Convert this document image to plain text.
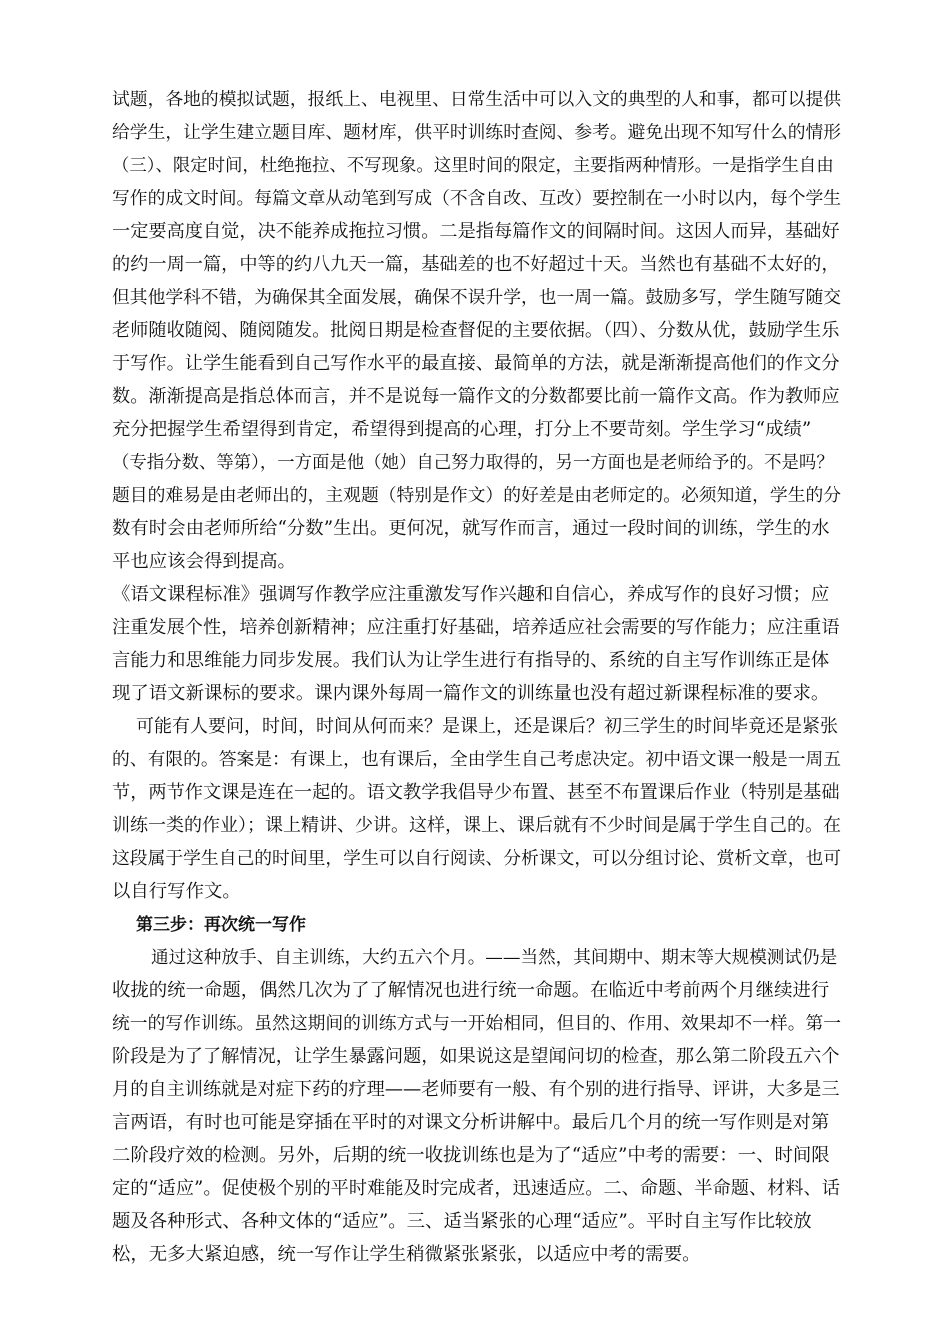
试题，各地的模拟试题，报纸上、电视里、日常生活中可以入文的典型的人和事，都可以提供
给学生，让学生建立题目库、题材库，供平时训练时查阅、参考。避免出现不知写什么的情形
（三）、限定时间，杜绝拖拉、不写现象。这里时间的限定，主要指两种情形。一是指学生自由
写作的成文时间。每篇文章从动笔到写成（不含自改、互改）要控制在一小时以内，每个学生
一定要高度自觉，决不能养成拖拉习惯。二是指每篇作文的间隔时间。这因人而异，基础好
的约一周一篇，中等的约八九天一篇，基础差的也不好超过十天。当然也有基础不太好的，
但其他学科不错，为确保其全面发展，确保不误升学，也一周一篇。鼓励多写，学生随写随交
老师随收随阅、随阅随发。批阅日期是检查督促的主要依据。（四）、分数从优，鼓励学生乐
于写作。让学生能看到自己写作水平的最直接、最简单的方法，就是渐渐提高他们的作文分
数。渐渐提高是指总体而言，并不是说每一篇作文的分数都要比前一篇作文高。作为教师应
充分把握学生希望得到肯定，希望得到提高的心理，打分上不要苛刻。学生学习“成绩”
（专指分数、等第），一方面是他（她）自己努力取得的，另一方面也是老师给予的。不是吗？
题目的难易是由老师出的，主观题（特别是作文）的好差是由老师定的。必须知道，学生的分
数有时会由老师所给“分数”生出。更何况，就写作而言，通过一段时间的训练，学生的水
平也应该会得到提高。
《语文课程标准》强调写作教学应注重激发写作兴趣和自信心，养成写作的良好习惯；应
注重发展个性，培养创新精神；应注重打好基础，培养适应社会需要的写作能力；应注重语
言能力和思维能力同步发展。我们认为让学生进行有指导的、系统的自主写作训练正是体
现了语文新课标的要求。课内课外每周一篇作文的训练量也没有超过新课程标准的要求。
可能有人要问，时间，时间从何而来？是课上，还是课后？初三学生的时间毕竟还是紧张
的、有限的。答案是：有课上，也有课后，全由学生自己考虑决定。初中语文课一般是一周五
节，两节作文课是连在一起的。语文教学我倡导少布置、甚至不布置课后作业（特别是基础
训练一类的作业）；课上精讲、少讲。这样，课上、课后就有不少时间是属于学生自己的。在
这段属于学生自己的时间里，学生可以自行阅读、分析课文，可以分组讨论、赏析文章，也可
以自行写作文。
第三步：再次统一写作
通过这种放手、自主训练，大约五六个月。——当然，其间期中、期末等大规模测试仍是
收拢的统一命题，偶然几次为了了解情况也进行统一命题。在临近中考前两个月继续进行
统一的写作训练。虽然这期间的训练方式与一开始相同，但目的、作用、效果却不一样。第一
阶段是为了了解情况，让学生暴露问题，如果说这是望闻问切的检查，那么第二阶段五六个
月的自主训练就是对症下药的疗理——老师要有一般、有个别的进行指导、评讲，大多是三
言两语，有时也可能是穿插在平时的对课文分析讲解中。最后几个月的统一写作则是对第
二阶段疗效的检测。另外，后期的统一收拢训练也是为了“适应”中考的需要：一、时间限
定的“适应”。促使极个别的平时难能及时完成者，迅速适应。二、命题、半命题、材料、话
题及各种形式、各种文体的“适应”。三、适当紧张的心理“适应”。平时自主写作比较放
松，无多大紧迫感，统一写作让学生稍微紧张紧张，以适应中考的需要。
